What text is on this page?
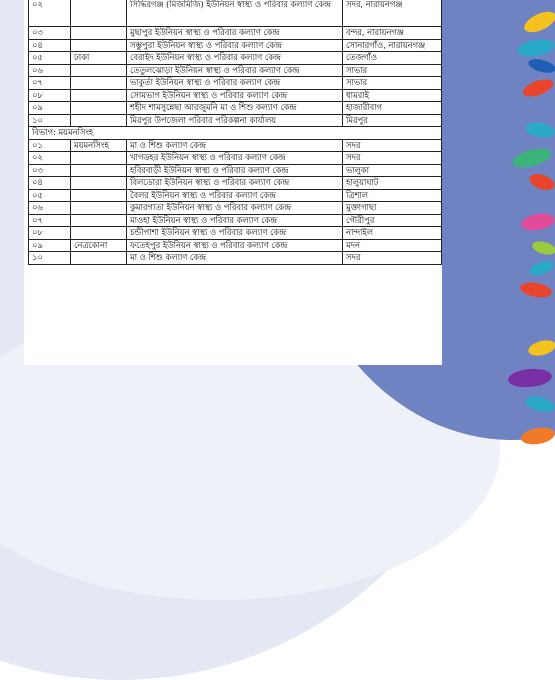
০২		সিদ্ধিরগঞ্জ (মিজমিজি) ইউনিয়ন স্বাস্থ্য ও পরিবার কল্যাণ কেন্দ্র	সদর, নারায়নগঞ্জ
০৩		মুছাপুর ইউনিয়ন স্বাস্থ্য ও পরিবার কল্যাণ কেন্দ্র	বন্দর, নারায়নগঞ্জ
০৪		সম্ভুপুরা ইউনিয়ন স্বাস্থ্য ও পরিবার কল্যাণ কেন্দ্র	সোনারগাঁও, নারায়নগঞ্জ
০৫	ঢাকা	বেরাইদ ইউনিয়ন স্বাস্থ্য ও পরিবার কল্যাণ কেন্দ্র	তেজগাঁও
০৬		তেতুলঝোড়া ইউনিয়ন স্বাস্থ্য ও পরিবার কল্যাণ কেন্দ্র	সাভার
০৭		ভাকুর্তা ইউনিয়ন স্বাস্থ্য ও পরিবার কল্যাণ কেন্দ্র	সাভার
০৮		সোমভাগ ইউনিয়ন স্বাস্থ্য ও পরিবার কল্যাণ কেন্দ্র	ধামরাই
০৯		শহীদ শামসুন্নেছা আরজুমনি মা ও শিশু কল্যাণ কেন্দ্র	হাজারীবাগ
১০		মিরপুর উপজেলা পরিবার পরিকল্পনা কার্যালয়	মিরপুর
বিভাগ: ময়মনসিংহ			
০১	ময়মনসিংহ	মা ও শিশু কল্যাণ কেন্দ্র	সদর
০২		খাগডহর ইউনিয়ন স্বাস্থ্য ও পরিবার কল্যাণ কেন্দ্র	সদর
০৩		হবিরবাড়ী ইউনিয়ন স্বাস্থ্য ও পরিবার কল্যাণ কেন্দ্র	ভালুকা
০৪		বিলডোরা ইউনিয়ন স্বাস্থ্য ও পরিবার কল্যাণ কেন্দ্র	হালুয়াঘাট
০৫		বৈলর ইউনিয়ন স্বাস্থ্য ও পরিবার কল্যাণ কেন্দ্র	ত্রিশাল
০৬		কুমারগাতা ইউনিয়ন স্বাস্থ্য ও পরিবার কল্যাণ কেন্দ্র	মুক্তাগাছা
০৭		মাওহা ইউনিয়ন স্বাস্থ্য ও পরিবার কল্যাণ কেন্দ্র	গৌরীপুর
০৮		চন্ডীপাশা ইউনিয়ন স্বাস্থ্য ও পরিবার কল্যাণ কেন্দ্র	নান্দাইল
০৯	নেত্রকোনা	ফতেহপুর ইউনিয়ন স্বাস্থ্য ও পরিবার কল্যাণ কেন্দ্র	মদন
১০		মা ও শিশু কল্যাণ কেন্দ্র	সদর
